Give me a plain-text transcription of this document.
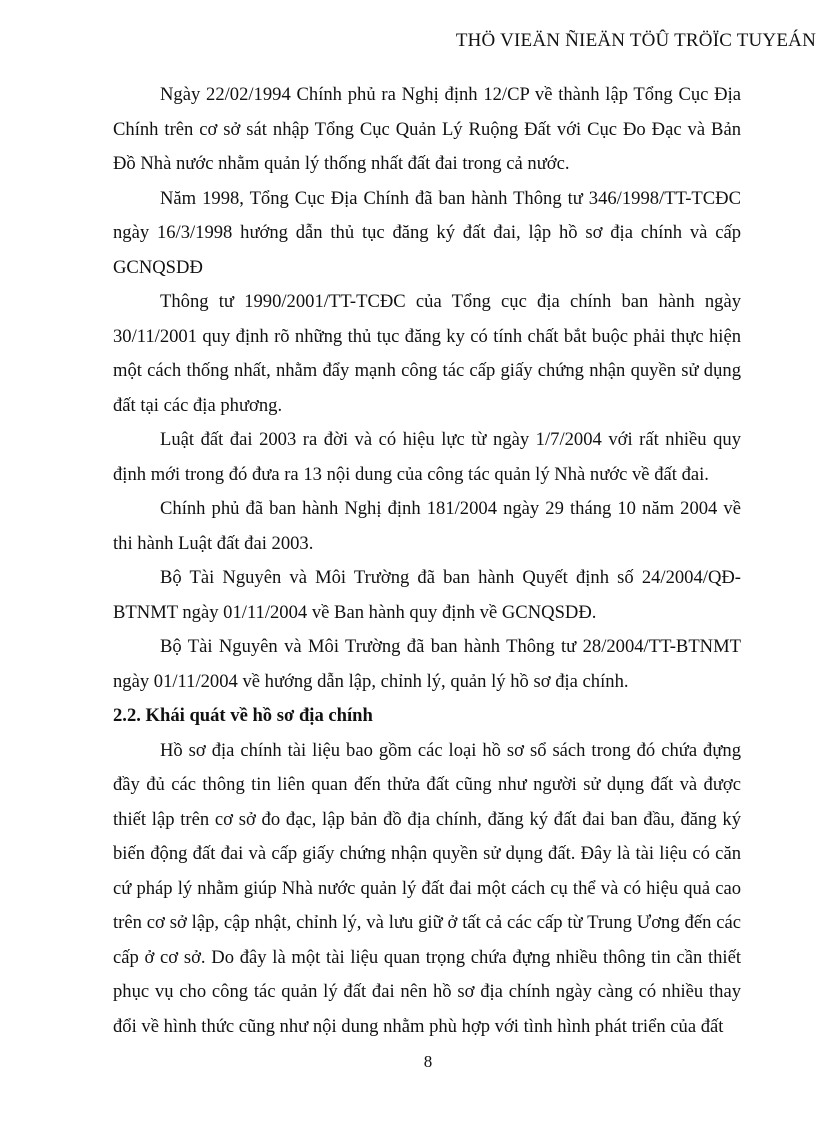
THÖ VIEÄN ÑIEÄN TÖÛ TRÖÏC TUYEÁN

Ngày 22/02/1994 Chính phủ ra Nghị định 12/CP về thành lập Tổng Cục Địa Chính trên cơ sở sát nhập Tổng Cục Quản Lý Ruộng Đất với Cục Đo Đạc và Bản Đồ Nhà nước nhằm quản lý thống nhất đất đai trong cả nước.

Năm 1998, Tổng Cục Địa Chính đã ban hành Thông tư 346/1998/TT-TCĐC ngày 16/3/1998 hướng dẫn thủ tục đăng ký đất đai, lập hồ sơ địa chính và cấp GCNQSDĐ

Thông tư 1990/2001/TT-TCĐC của Tổng cục địa chính ban hành ngày 30/11/2001 quy định rõ những thủ tục đăng ky có tính chất bắt buộc phải thực hiện một cách thống nhất, nhằm đẩy mạnh công tác cấp giấy chứng nhận quyền sử dụng đất tại các địa phương.

Luật đất đai 2003 ra đời và có hiệu lực từ ngày 1/7/2004 với rất nhiều quy định mới trong đó đưa ra 13 nội dung của công tác quản lý Nhà nước về đất đai.

Chính phủ đã ban hành Nghị định 181/2004 ngày 29 tháng 10 năm 2004 về thi hành Luật đất đai 2003.

Bộ Tài Nguyên và Môi Trường đã ban hành Quyết định số 24/2004/QĐ-BTNMT ngày 01/11/2004 về Ban hành quy định về GCNQSDĐ.

Bộ Tài Nguyên và Môi Trường đã ban hành Thông tư 28/2004/TT-BTNMT ngày 01/11/2004 về hướng dẫn lập, chỉnh lý, quản lý hồ sơ địa chính.

2.2. Khái quát về hồ sơ địa chính

Hồ sơ địa chính tài liệu bao gồm các loại hồ sơ sổ sách trong đó chứa đựng đầy đủ các thông tin liên quan đến thửa đất cũng như người sử dụng đất và được thiết lập trên cơ sở đo đạc, lập bản đồ địa chính, đăng ký đất đai ban đầu, đăng ký biến động đất đai và cấp giấy chứng nhận quyền sử dụng đất. Đây là tài liệu có căn cứ pháp lý nhằm giúp Nhà nước quản lý đất đai một cách cụ thể và có hiệu quả cao trên cơ sở lập, cập nhật, chỉnh lý, và lưu giữ ở tất cả các cấp từ Trung Ương đến các cấp ở cơ sở. Do đây là một tài liệu quan trọng chứa đựng nhiều thông tin cần thiết phục vụ cho công tác quản lý đất đai nên hồ sơ địa chính ngày càng có nhiều thay đổi về hình thức cũng như nội dung nhằm phù hợp với tình hình phát triển của đất

8
